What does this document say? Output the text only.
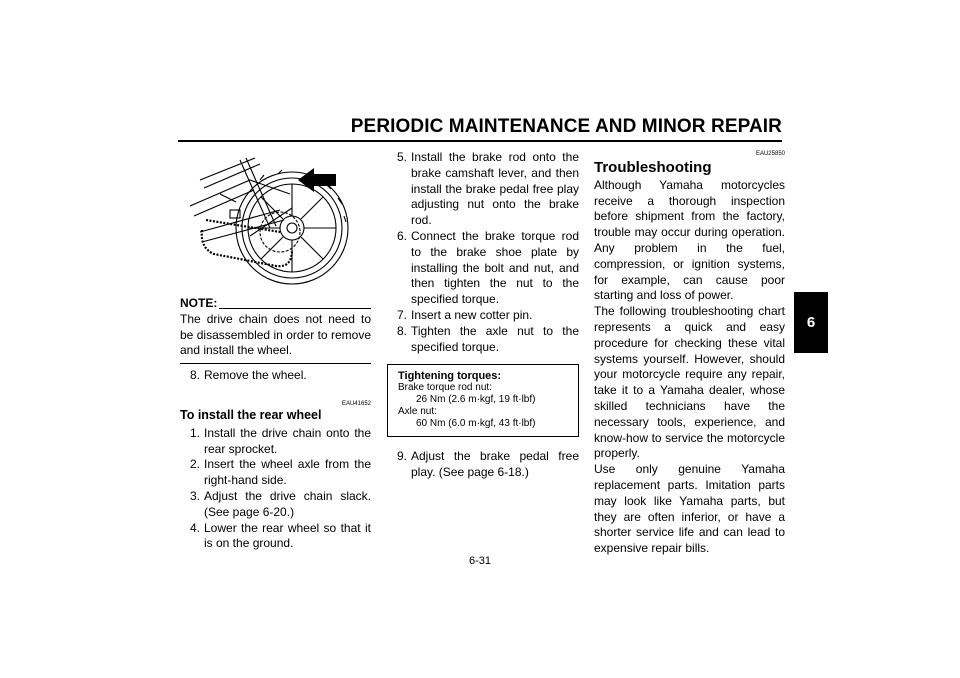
PERIODIC MAINTENANCE AND MINOR REPAIR
6
NOTE:
The drive chain does not need to be disassembled in order to remove and install the wheel.
8. Remove the wheel.
EAU41652
To install the rear wheel
1. Install the drive chain onto the rear sprocket.
2. Insert the wheel axle from the right-hand side.
3. Adjust the drive chain slack. (See page 6-20.)
4. Lower the rear wheel so that it is on the ground.
5. Install the brake rod onto the brake camshaft lever, and then install the brake pedal free play adjusting nut onto the brake rod.
6. Connect the brake torque rod to the brake shoe plate by installing the bolt and nut, and then tighten the nut to the specified torque.
7. Insert a new cotter pin.
8. Tighten the axle nut to the specified torque.
Tightening torques:
Brake torque rod nut:
26 Nm (2.6 m·kgf, 19 ft·lbf)
Axle nut:
60 Nm (6.0 m·kgf, 43 ft·lbf)
9. Adjust the brake pedal free play. (See page 6-18.)
EAU25850
Troubleshooting
Although Yamaha motorcycles receive a thorough inspection before shipment from the factory, trouble may occur during operation. Any problem in the fuel, compression, or ignition systems, for example, can cause poor starting and loss of power.
The following troubleshooting chart represents a quick and easy procedure for checking these vital systems yourself. However, should your motorcycle require any repair, take it to a Yamaha dealer, whose skilled technicians have the necessary tools, experience, and know-how to service the motorcycle properly.
Use only genuine Yamaha replacement parts. Imitation parts may look like Yamaha parts, but they are often inferior, or have a shorter service life and can lead to expensive repair bills.
6-31
